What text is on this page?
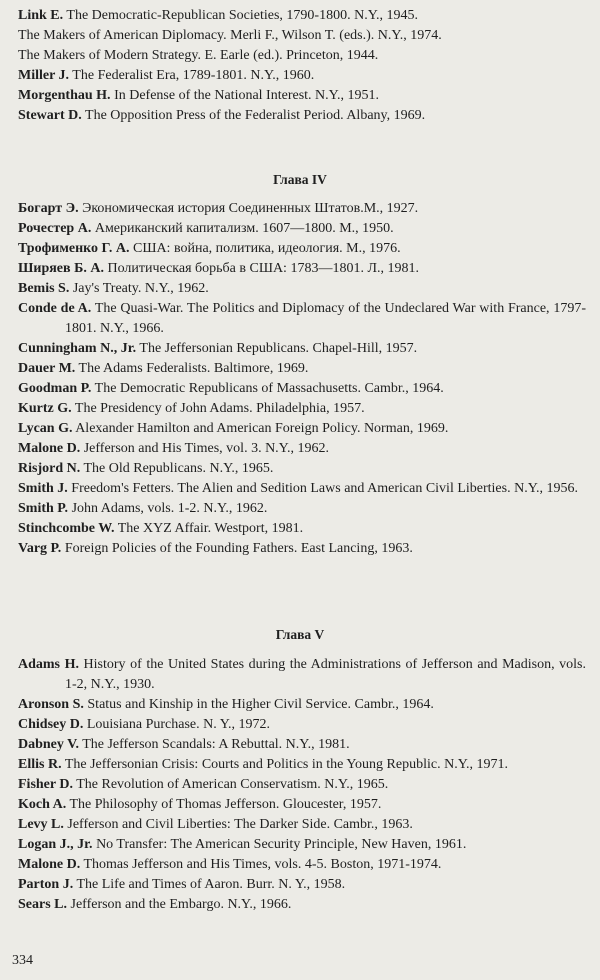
Link E. The Democratic-Republican Societies, 1790-1800. N.Y., 1945.
The Makers of American Diplomacy. Merli F., Wilson T. (eds.). N.Y., 1974.
The Makers of Modern Strategy. E. Earle (ed.). Princeton, 1944.
Miller J. The Federalist Era, 1789-1801. N.Y., 1960.
Morgenthau H. In Defense of the National Interest. N.Y., 1951.
Stewart D. The Opposition Press of the Federalist Period. Albany, 1969.
Глава IV
Богарт Э. Экономическая история Соединенных Штатов.М., 1927.
Рочестер А. Американский капитализм. 1607—1800. М., 1950.
Трофименко Г. А. США: война, политика, идеология. М., 1976.
Ширяев Б. А. Политическая борьба в США: 1783—1801. Л., 1981.
Bemis S. Jay's Treaty. N.Y., 1962.
Conde de A. The Quasi-War. The Politics and Diplomacy of the Undeclared War with France, 1797-1801. N.Y., 1966.
Cunningham N., Jr. The Jeffersonian Republicans. Chapel-Hill, 1957.
Dauer M. The Adams Federalists. Baltimore, 1969.
Goodman P. The Democratic Republicans of Massachusetts. Cambr., 1964.
Kurtz G. The Presidency of John Adams. Philadelphia, 1957.
Lycan G. Alexander Hamilton and American Foreign Policy. Norman, 1969.
Malone D. Jefferson and His Times, vol. 3. N.Y., 1962.
Risjord N. The Old Republicans. N.Y., 1965.
Smith J. Freedom's Fetters. The Alien and Sedition Laws and American Civil Liberties. N.Y., 1956.
Smith P. John Adams, vols. 1-2. N.Y., 1962.
Stinchcombe W. The XYZ Affair. Westport, 1981.
Varg P. Foreign Policies of the Founding Fathers. East Lancing, 1963.
Глава V
Adams H. History of the United States during the Administrations of Jefferson and Madison, vols. 1-2, N.Y., 1930.
Aronson S. Status and Kinship in the Higher Civil Service. Cambr., 1964.
Chidsey D. Louisiana Purchase. N. Y., 1972.
Dabney V. The Jefferson Scandals: A Rebuttal. N.Y., 1981.
Ellis R. The Jeffersonian Crisis: Courts and Politics in the Young Republic. N.Y., 1971.
Fisher D. The Revolution of American Conservatism. N.Y., 1965.
Koch A. The Philosophy of Thomas Jefferson. Gloucester, 1957.
Levy L. Jefferson and Civil Liberties: The Darker Side. Cambr., 1963.
Logan J., Jr. No Transfer: The American Security Principle, New Haven, 1961.
Malone D. Thomas Jefferson and His Times, vols. 4-5. Boston, 1971-1974.
Parton J. The Life and Times of Aaron. Burr. N. Y., 1958.
Sears L. Jefferson and the Embargo. N.Y., 1966.
334
